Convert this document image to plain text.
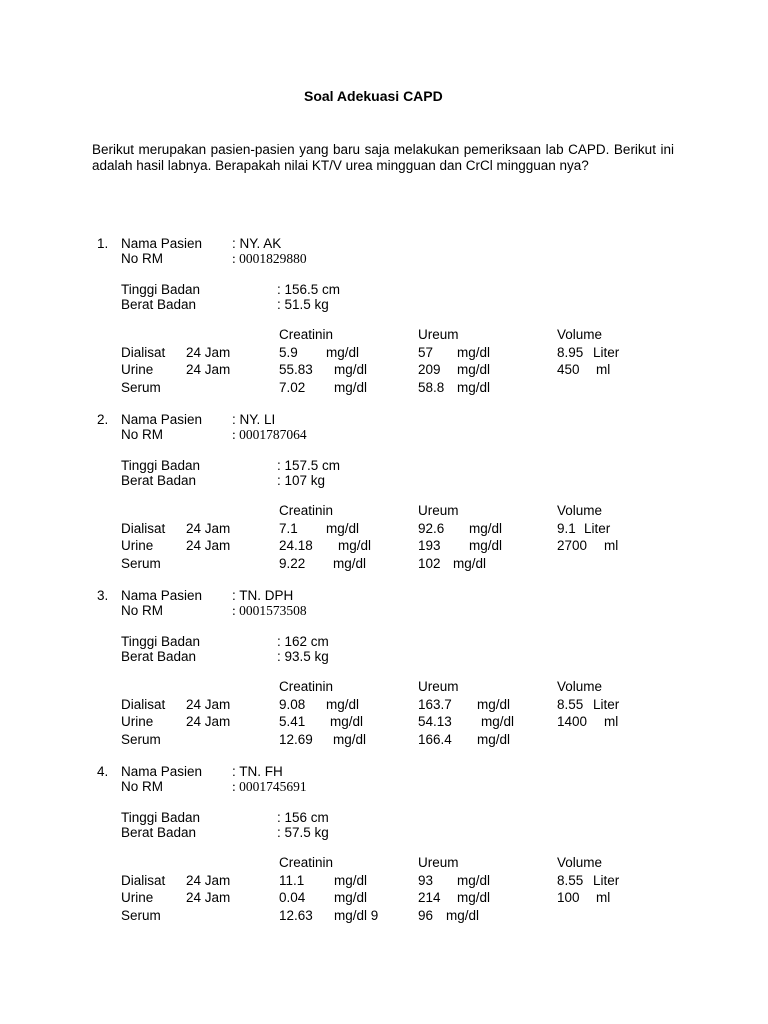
Soal Adekuasi CAPD
Berikut merupakan pasien-pasien yang baru saja melakukan pemeriksaan lab CAPD. Berikut ini adalah hasil labnya. Berapakah nilai KT/V urea mingguan dan CrCl mingguan nya?
1. Nama Pasien : NY. AK
No RM	: 0001829880
Tinggi Badan	: 156.5 cm
Berat Badan	: 51.5 kg
Creatinin	Ureum	Volume
Dialisat 24 Jam	5.9 mg/dl	57 mg/dl	8.95 Liter
Urine 24 Jam	55.83 mg/dl	209 mg/dl	450 ml
Serum	7.02 mg/dl	58.8 mg/dl
2. Nama Pasien : NY. LI
No RM	: 0001787064
Tinggi Badan	: 157.5 cm
Berat Badan	: 107 kg
Creatinin	Ureum	Volume
Dialisat 24 Jam	7.1 mg/dl	92.6 mg/dl	9.1 Liter
Urine 24 Jam	24.18 mg/dl	193 mg/dl	2700 ml
Serum	9.22 mg/dl	102 mg/dl
3. Nama Pasien : TN. DPH
No RM	: 0001573508
Tinggi Badan	: 162 cm
Berat Badan	: 93.5 kg
Creatinin	Ureum	Volume
Dialisat 24 Jam	9.08 mg/dl	163.7 mg/dl	8.55 Liter
Urine 24 Jam	5.41 mg/dl	54.13 mg/dl	1400 ml
Serum	12.69 mg/dl	166.4 mg/dl
4. Nama Pasien : TN. FH
No RM	: 0001745691
Tinggi Badan	: 156 cm
Berat Badan	: 57.5 kg
Creatinin	Ureum	Volume
Dialisat 24 Jam	11.1 mg/dl	93 mg/dl	8.55 Liter
Urine 24 Jam	0.04 mg/dl	214 mg/dl	100 ml
Serum	12.63 mg/dl 9	96 mg/dl
